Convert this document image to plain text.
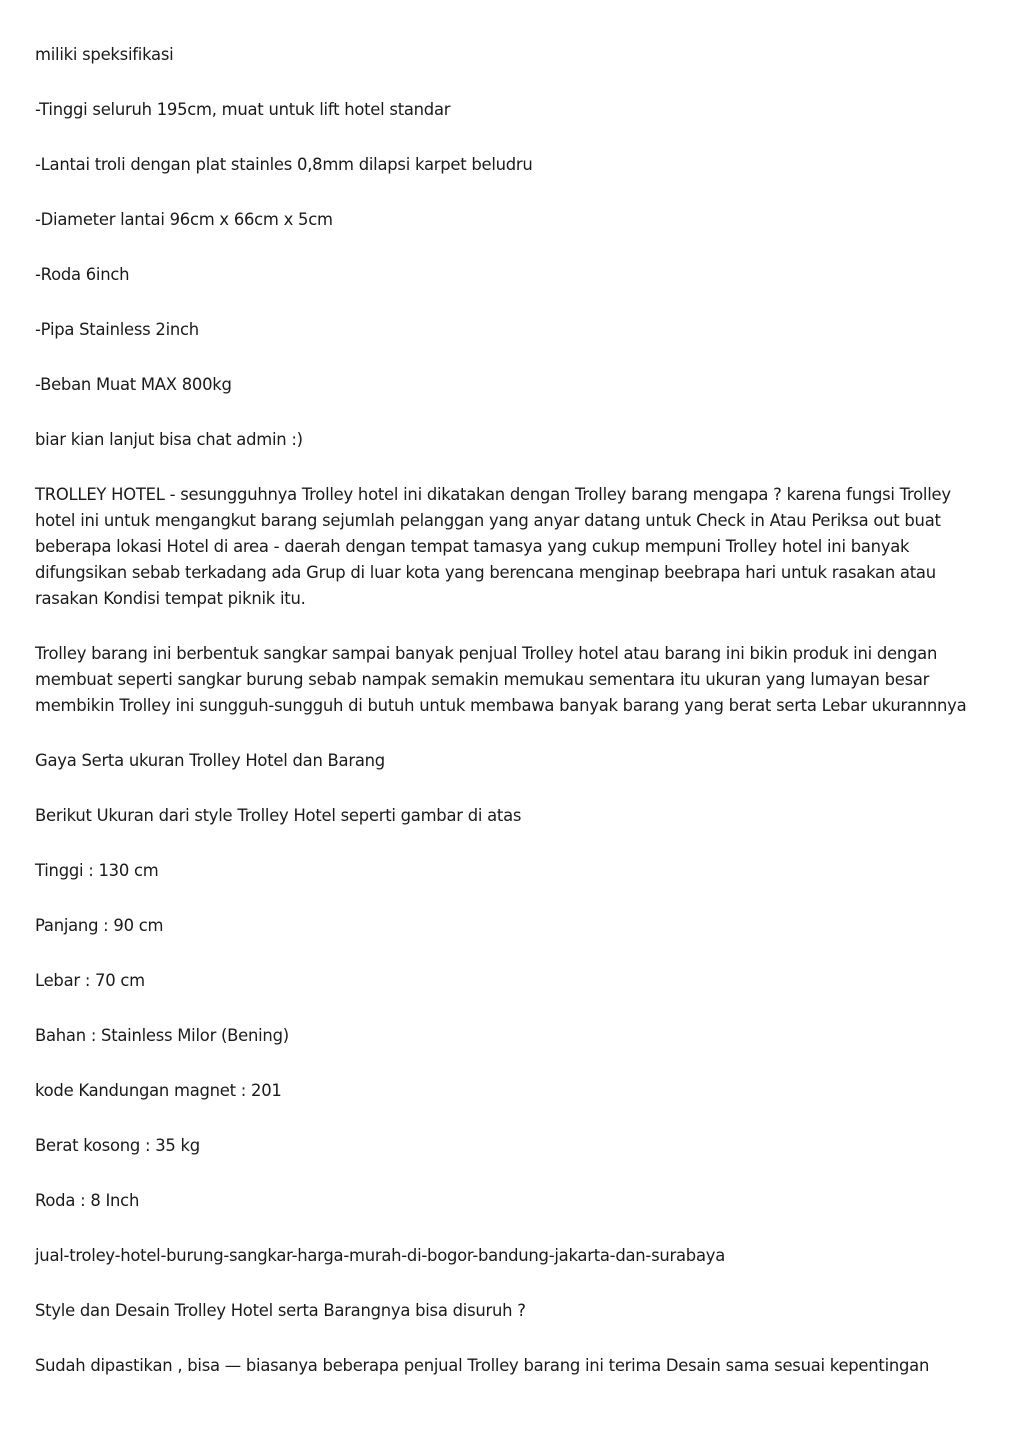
miliki speksifikasi

-Tinggi seluruh 195cm, muat untuk lift hotel standar

-Lantai troli dengan plat stainles 0,8mm dilapsi karpet beludru

-Diameter lantai 96cm x 66cm x 5cm

-Roda 6inch

-Pipa Stainless 2inch

-Beban Muat MAX 800kg

biar kian lanjut bisa chat admin :)

TROLLEY HOTEL - sesungguhnya Trolley hotel ini dikatakan dengan Trolley barang mengapa ? karena fungsi Trolley hotel ini untuk mengangkut barang sejumlah pelanggan yang anyar datang untuk Check in Atau Periksa out buat beberapa lokasi Hotel di area - daerah dengan tempat tamasya yang cukup mempuni Trolley hotel ini banyak difungsikan sebab terkadang ada Grup di luar kota yang berencana menginap beebrapa hari untuk rasakan atau rasakan Kondisi tempat piknik itu.

Trolley barang ini berbentuk sangkar sampai banyak penjual Trolley hotel atau barang ini bikin produk ini dengan membuat seperti sangkar burung sebab nampak semakin memukau sementara itu ukuran yang lumayan besar membikin Trolley ini sungguh-sungguh di butuh untuk membawa banyak barang yang berat serta Lebar ukurannnya

Gaya Serta ukuran Trolley Hotel dan Barang

Berikut Ukuran dari style Trolley Hotel seperti gambar di atas

Tinggi : 130 cm

Panjang : 90 cm

Lebar : 70 cm

Bahan : Stainless Milor (Bening)

kode Kandungan magnet : 201

Berat kosong : 35 kg

Roda : 8 Inch

jual-troley-hotel-burung-sangkar-harga-murah-di-bogor-bandung-jakarta-dan-surabaya

Style dan Desain Trolley Hotel serta Barangnya bisa disuruh ?

Sudah dipastikan , bisa — biasanya beberapa penjual Trolley barang ini terima Desain sama sesuai kepentingan
